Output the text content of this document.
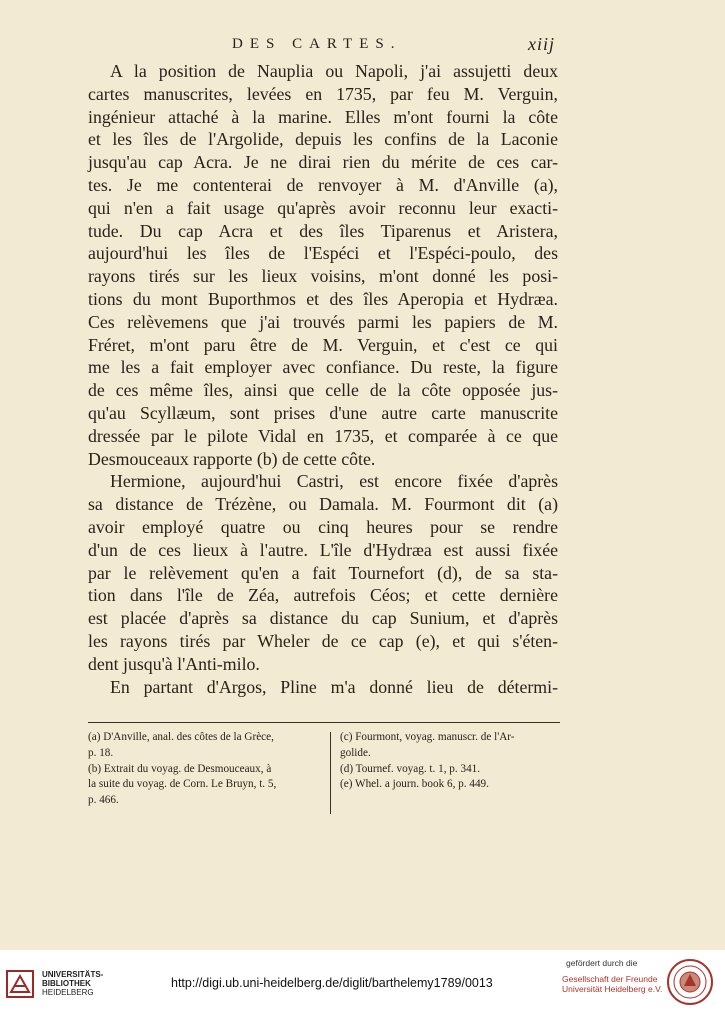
DES CARTES.	xiij
A la position de Nauplia ou Napoli, j'ai assujetti deux
cartes manuscrites, levées en 1735, par feu M. Verguin,
ingénieur attaché à la marine. Elles m'ont fourni la côte
et les îles de l'Argolide, depuis les confins de la Laconie
jusqu'au cap Acra. Je ne dirai rien du mérite de ces car-
tes. Je me contenterai de renvoyer à M. d'Anville (a),
qui n'en a fait usage qu'après avoir reconnu leur exacti-
tude. Du cap Acra et des îles Tiparenus et Aristera,
aujourd'hui les îles de l'Espéci et l'Espéci-poulo, des
rayons tirés sur les lieux voisins, m'ont donné les posi-
tions du mont Buporthmos et des îles Aperopia et Hydræa.
Ces relèvemens que j'ai trouvés parmi les papiers de M.
Fréret, m'ont paru être de M. Verguin, et c'est ce qui
me les a fait employer avec confiance. Du reste, la figure
de ces même îles, ainsi que celle de la côte opposée jus-
qu'au Scyllæum, sont prises d'une autre carte manuscrite
dressée par le pilote Vidal en 1735, et comparée à ce que
Desmouceaux rapporte (b) de cette côte.
Hermione, aujourd'hui Castri, est encore fixée d'après
sa distance de Trézène, ou Damala. M. Fourmont dit (a)
avoir employé quatre ou cinq heures pour se rendre
d'un de ces lieux à l'autre. L'île d'Hydræa est aussi fixée
par le relèvement qu'en a fait Tournefort (d), de sa sta-
tion dans l'île de Zéa, autrefois Céos; et cette dernière
est placée d'après sa distance du cap Sunium, et d'après
les rayons tirés par Wheler de ce cap (e), et qui s'éten-
dent jusqu'à l'Anti-milo.
En partant d'Argos, Pline m'a donné lieu de détermi-
(a) D'Anville, anal. des côtes de la Grèce,
p. 18.
(b) Extrait du voyag. de Desmouceaux, à
la suite du voyag. de Corn. Le Bruyn, t. 5,
p. 466.
(c) Fourmont, voyag. manuscr. de l'Ar-
golide.
(d) Tournef. voyag. t. 1, p. 341.
(e) Whel. a journ. book 6, p. 449.
UNIVERSITÄTS-
BIBLIOTHEK
HEIDELBERG
http://digi.ub.uni-heidelberg.de/diglit/barthelemy1789/0013
gefördert durch die
Gesellschaft der Freunde
Universität Heidelberg e.V.
